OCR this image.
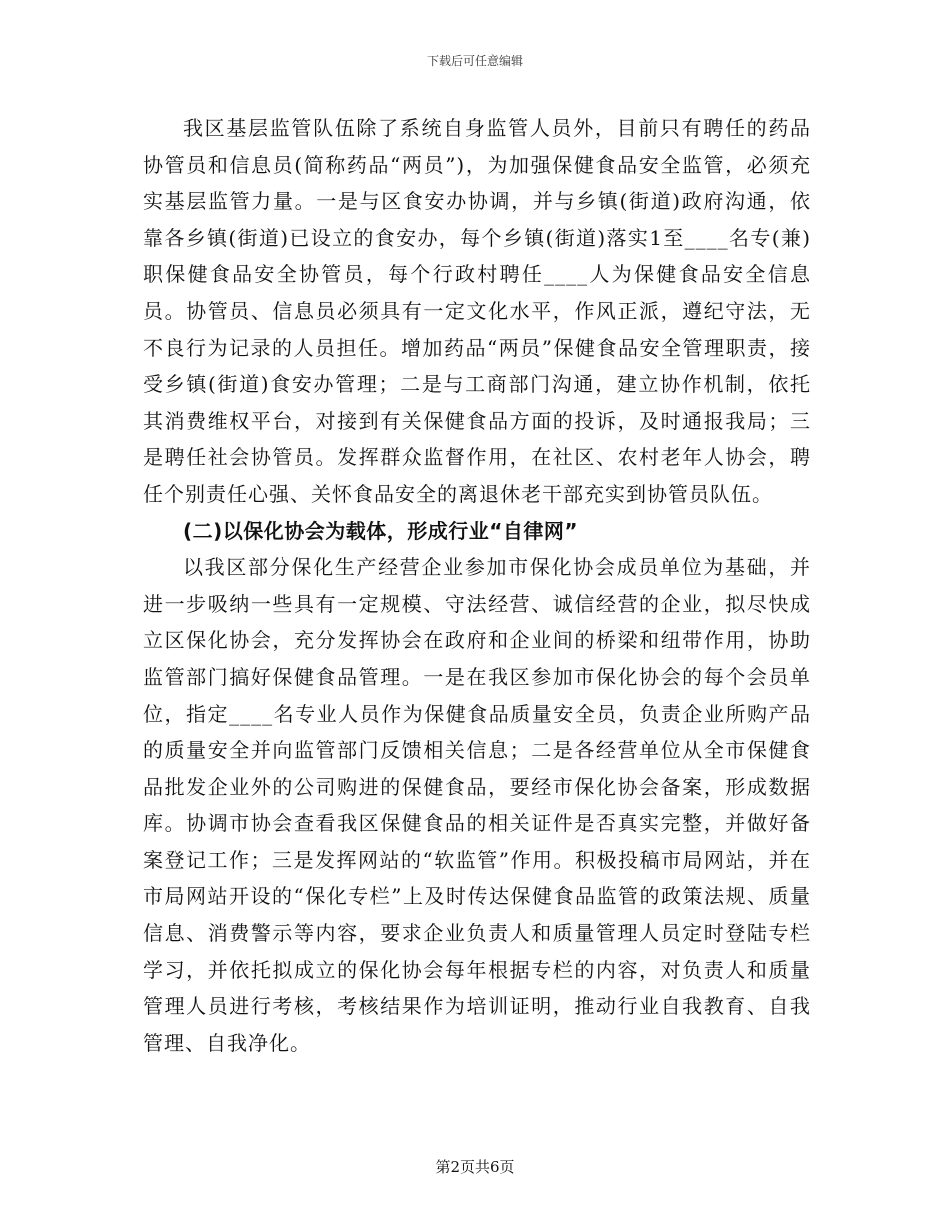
下载后可任意编辑

我区基层监管队伍除了系统自身监管人员外，目前只有聘任的药品协管员和信息员(简称药品“两员”)，为加强保健食品安全监管，必须充实基层监管力量。一是与区食安办协调，并与乡镇(街道)政府沟通，依靠各乡镇(街道)已设立的食安办，每个乡镇(街道)落实1至____名专(兼)职保健食品安全协管员，每个行政村聘任____人为保健食品安全信息员。协管员、信息员必须具有一定文化水平，作风正派，遵纪守法，无不良行为记录的人员担任。增加药品“两员”保健食品安全管理职责，接受乡镇(街道)食安办管理；二是与工商部门沟通，建立协作机制，依托其消费维权平台，对接到有关保健食品方面的投诉，及时通报我局；三是聘任社会协管员。发挥群众监督作用，在社区、农村老年人协会，聘任个别责任心强、关怀食品安全的离退休老干部充实到协管员队伍。

(二)以保化协会为载体，形成行业“自律网”

以我区部分保化生产经营企业参加市保化协会成员单位为基础，并进一步吸纳一些具有一定规模、守法经营、诚信经营的企业，拟尽快成立区保化协会，充分发挥协会在政府和企业间的桥梁和纽带作用，协助监管部门搞好保健食品管理。一是在我区参加市保化协会的每个会员单位，指定____名专业人员作为保健食品质量安全员，负责企业所购产品的质量安全并向监管部门反馈相关信息；二是各经营单位从全市保健食品批发企业外的公司购进的保健食品，要经市保化协会备案，形成数据库。协调市协会查看我区保健食品的相关证件是否真实完整，并做好备案登记工作；三是发挥网站的“软监管”作用。积极投稿市局网站，并在市局网站开设的“保化专栏”上及时传达保健食品监管的政策法规、质量信息、消费警示等内容，要求企业负责人和质量管理人员定时登陆专栏学习，并依托拟成立的保化协会每年根据专栏的内容，对负责人和质量管理人员进行考核，考核结果作为培训证明，推动行业自我教育、自我管理、自我净化。

第2页共6页
